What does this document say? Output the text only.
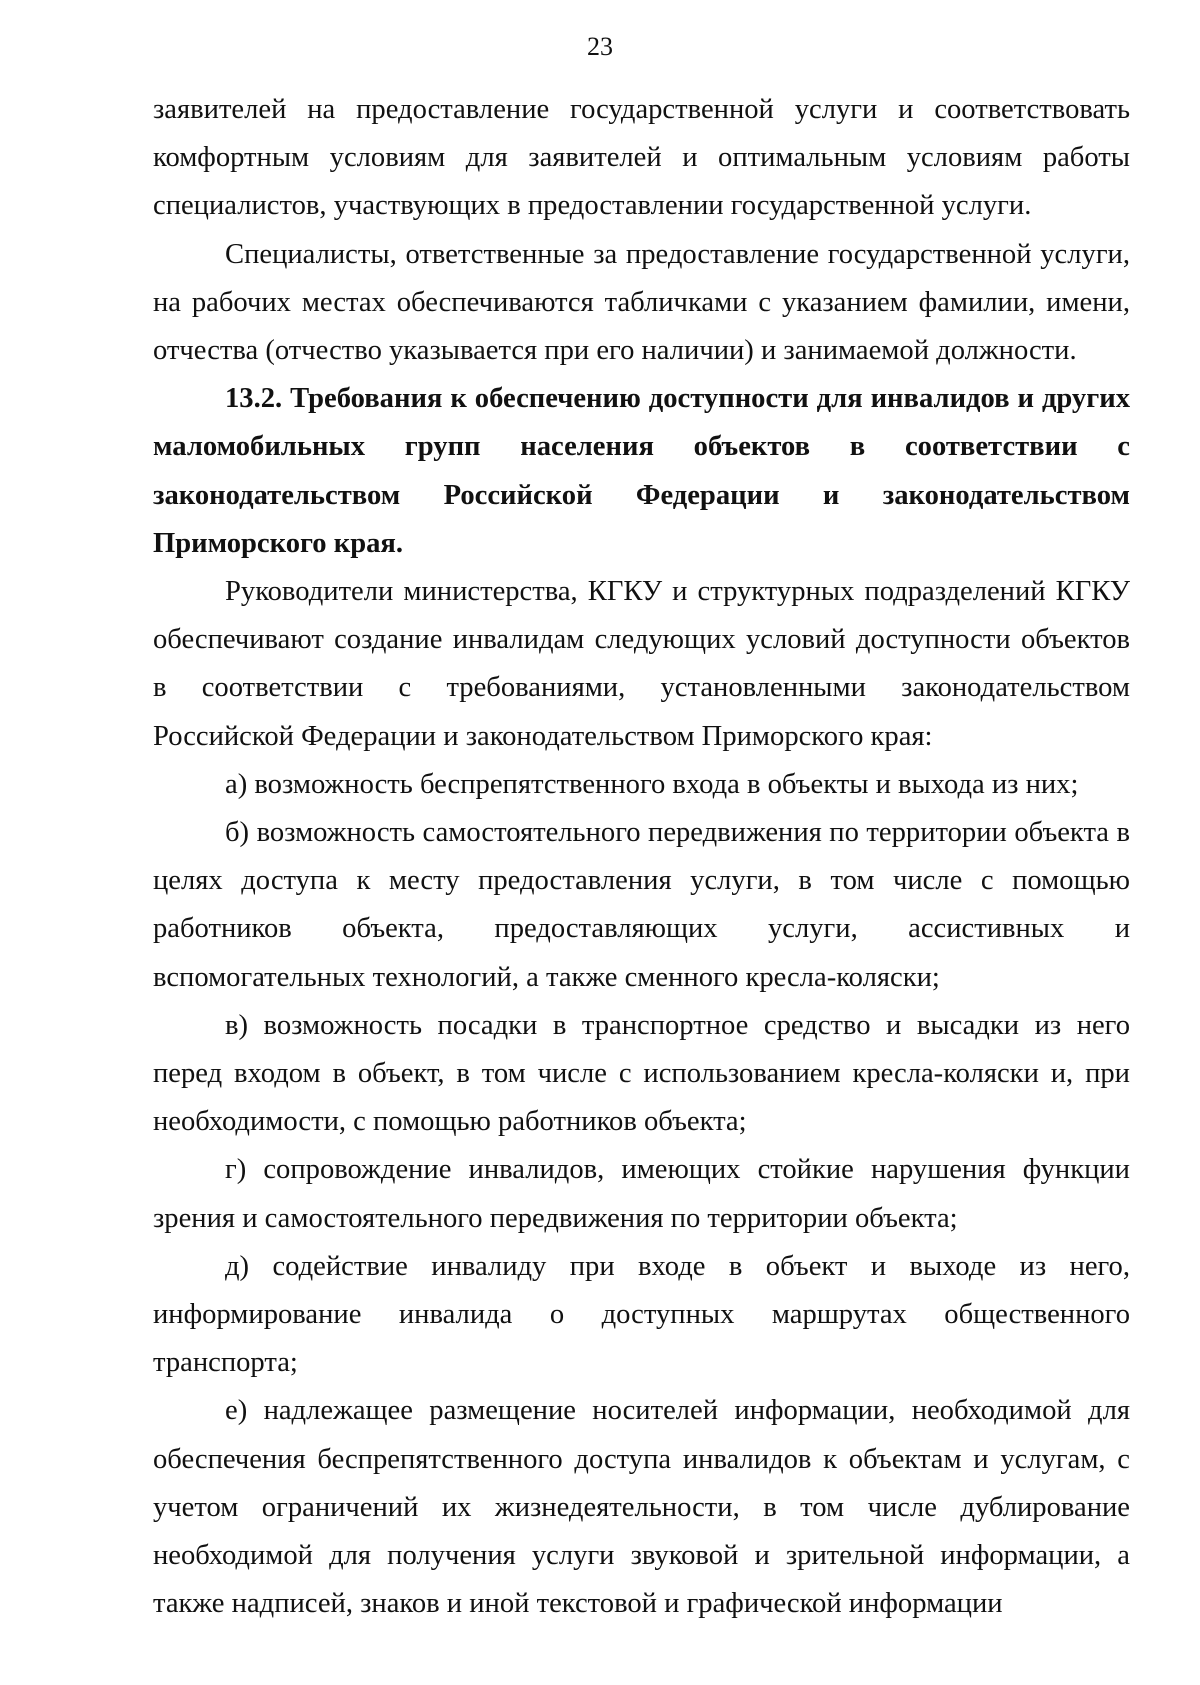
23

заявителей на предоставление государственной услуги и соответствовать комфортным условиям для заявителей и оптимальным условиям работы специалистов, участвующих в предоставлении государственной услуги.

Специалисты, ответственные за предоставление государственной услуги, на рабочих местах обеспечиваются табличками с указанием фамилии, имени, отчества (отчество указывается при его наличии) и занимаемой должности.

13.2. Требования к обеспечению доступности для инвалидов и других маломобильных групп населения объектов в соответствии с законодательством Российской Федерации и законодательством Приморского края.

Руководители министерства, КГКУ и структурных подразделений КГКУ обеспечивают создание инвалидам следующих условий доступности объектов в соответствии с требованиями, установленными законодательством Российской Федерации и законодательством Приморского края:

а) возможность беспрепятственного входа в объекты и выхода из них;

б) возможность самостоятельного передвижения по территории объекта в целях доступа к месту предоставления услуги, в том числе с помощью работников объекта, предоставляющих услуги, ассистивных и вспомогательных технологий, а также сменного кресла-коляски;

в) возможность посадки в транспортное средство и высадки из него перед входом в объект, в том числе с использованием кресла-коляски и, при необходимости, с помощью работников объекта;

г) сопровождение инвалидов, имеющих стойкие нарушения функции зрения и самостоятельного передвижения по территории объекта;

д) содействие инвалиду при входе в объект и выходе из него, информирование инвалида о доступных маршрутах общественного транспорта;

е) надлежащее размещение носителей информации, необходимой для обеспечения беспрепятственного доступа инвалидов к объектам и услугам, с учетом ограничений их жизнедеятельности, в том числе дублирование необходимой для получения услуги звуковой и зрительной информации, а также надписей, знаков и иной текстовой и графической информации
